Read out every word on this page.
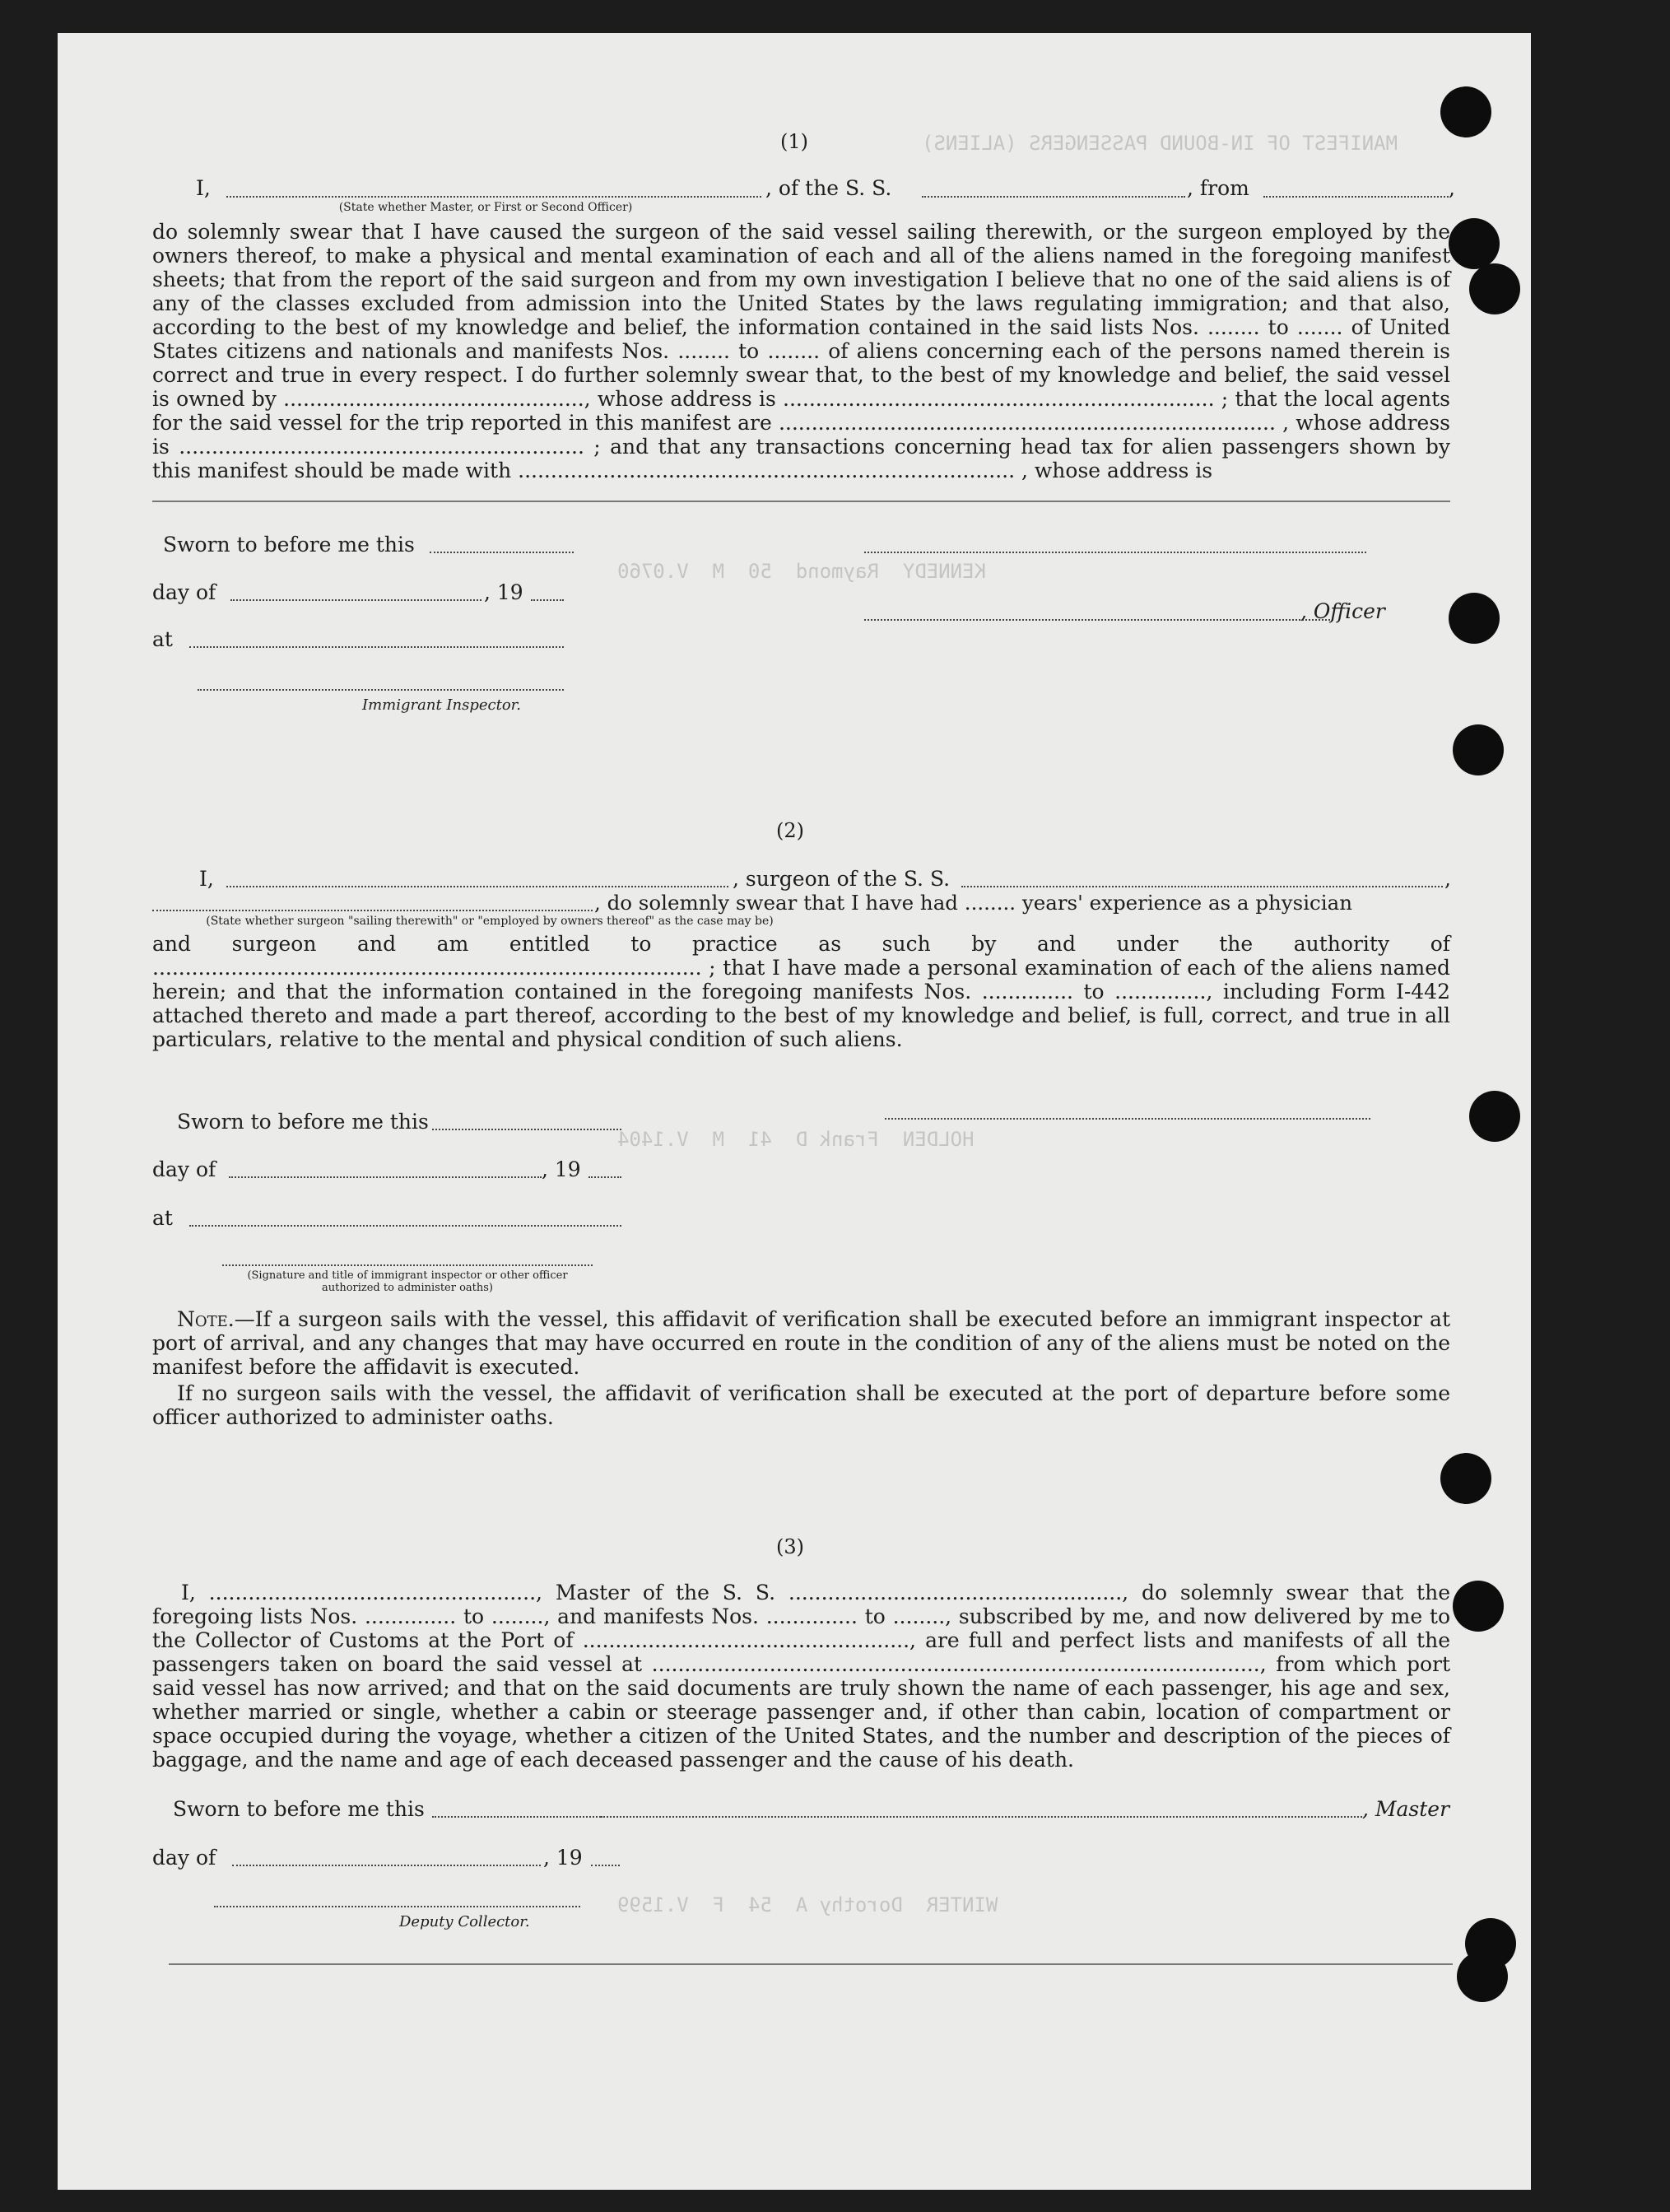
MANIFEST OF IN-BOUND PASSENGERS (ALIENS)
KENNEDY  Raymond  50  M  V.0760
HOLDEN  Frank D  41  M  V.1404
WINTER  Dorothy A  54  F  V.1599
(1)
I,	, of the S. S.	, from	,
(State whether Master, or First or Second Officer)

do solemnly swear that I have caused the surgeon of the said vessel sailing therewith, or the surgeon employed by the owners thereof, to make a physical and mental examination of each and all of the aliens named in the foregoing manifest sheets; that from the report of the said surgeon and from my own investigation I believe that no one of the said aliens is of any of the classes excluded from admission into the United States by the laws regulating immigration; and that also, according to the best of my knowledge and belief, the information contained in the said lists Nos. ........ to ....... of United States citizens and nationals and manifests Nos. ........ to ........ of aliens concerning each of the persons named therein is correct and true in every respect. I do further solemnly swear that, to the best of my knowledge and belief, the said vessel is owned by .............................................., whose address is .................................................................. ; that the local agents for the said vessel for the trip reported in this manifest are ............................................................................ , whose address is .............................................................. ; and that any transactions concerning head tax for alien passengers shown by this manifest should be made with ............................................................................ , whose address is

Sworn to before me this
day of	, 19
, Officer
at
Immigrant Inspector.
(2)
I,	, surgeon of the S. S.	,
, do solemnly swear that I have had ........ years' experience as a physician
(State whether surgeon "sailing therewith" or "employed by owners thereof" as the case may be)

and surgeon and am entitled to practice as such by and under the authority of .................................................................................... ; that I have made a personal examination of each of the aliens named herein; and that the information contained in the foregoing manifests Nos. .............. to .............., including Form I-442 attached thereto and made a part thereof, according to the best of my knowledge and belief, is full, correct, and true in all particulars, relative to the mental and physical condition of such aliens.

Sworn to before me this
day of	, 19
at
(Signature and title of immigrant inspector or other officer authorized to administer oaths)

Note.—If a surgeon sails with the vessel, this affidavit of verification shall be executed before an immigrant inspector at port of arrival, and any changes that may have occurred en route in the condition of any of the aliens must be noted on the manifest before the affidavit is executed.

If no surgeon sails with the vessel, the affidavit of verification shall be executed at the port of departure before some officer authorized to administer oaths.

(3)

I, .................................................., Master of the S. S. ..................................................., do solemnly swear that the foregoing lists Nos. .............. to ........, and manifests Nos. .............. to ........, subscribed by me, and now delivered by me to the Collector of Customs at the Port of .................................................., are full and perfect lists and manifests of all the passengers taken on board the said vessel at ............................................................................................., from which port said vessel has now arrived; and that on the said documents are truly shown the name of each passenger, his age and sex, whether married or single, whether a cabin or steerage passenger and, if other than cabin, location of compartment or space occupied during the voyage, whether a citizen of the United States, and the number and description of the pieces of baggage, and the name and age of each deceased passenger and the cause of his death.

Sworn to before me this	, Master
day of	, 19
Deputy Collector.
